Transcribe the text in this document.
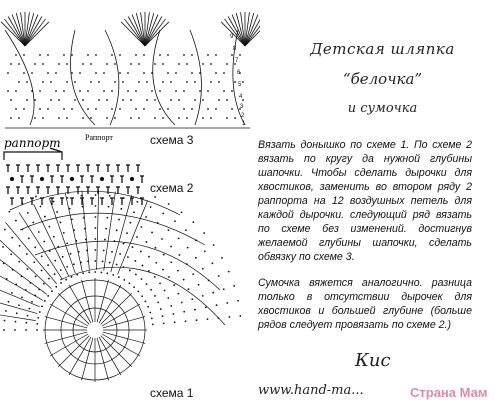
Раппорт
9
8
7
6
5
4
3
2
1
раппорт	схема 3
схема 2
схема 1
Детская шляпка
“белочка”
и сумочка

Вязать донышко по схеме 1. По схеме 2 вязать по кругу да нужной глубины шапочки. Чтобы сделать дырочки для хвостиков, заменить во втором ряду 2 раппорта на 12 воздушных петель для каждой дырочки. следующий ряд вязать по схеме без изменений. достигнув желаемой глубины шапочки, сделать обвязку по схеме 3.

Сумочка вяжется аналогично. разница только в отсутствии дырочек для хвостиков и большей глубине (больше рядов следует провязать по схеме 2.)

Кис
www.hand-ma...	Страна Мам
